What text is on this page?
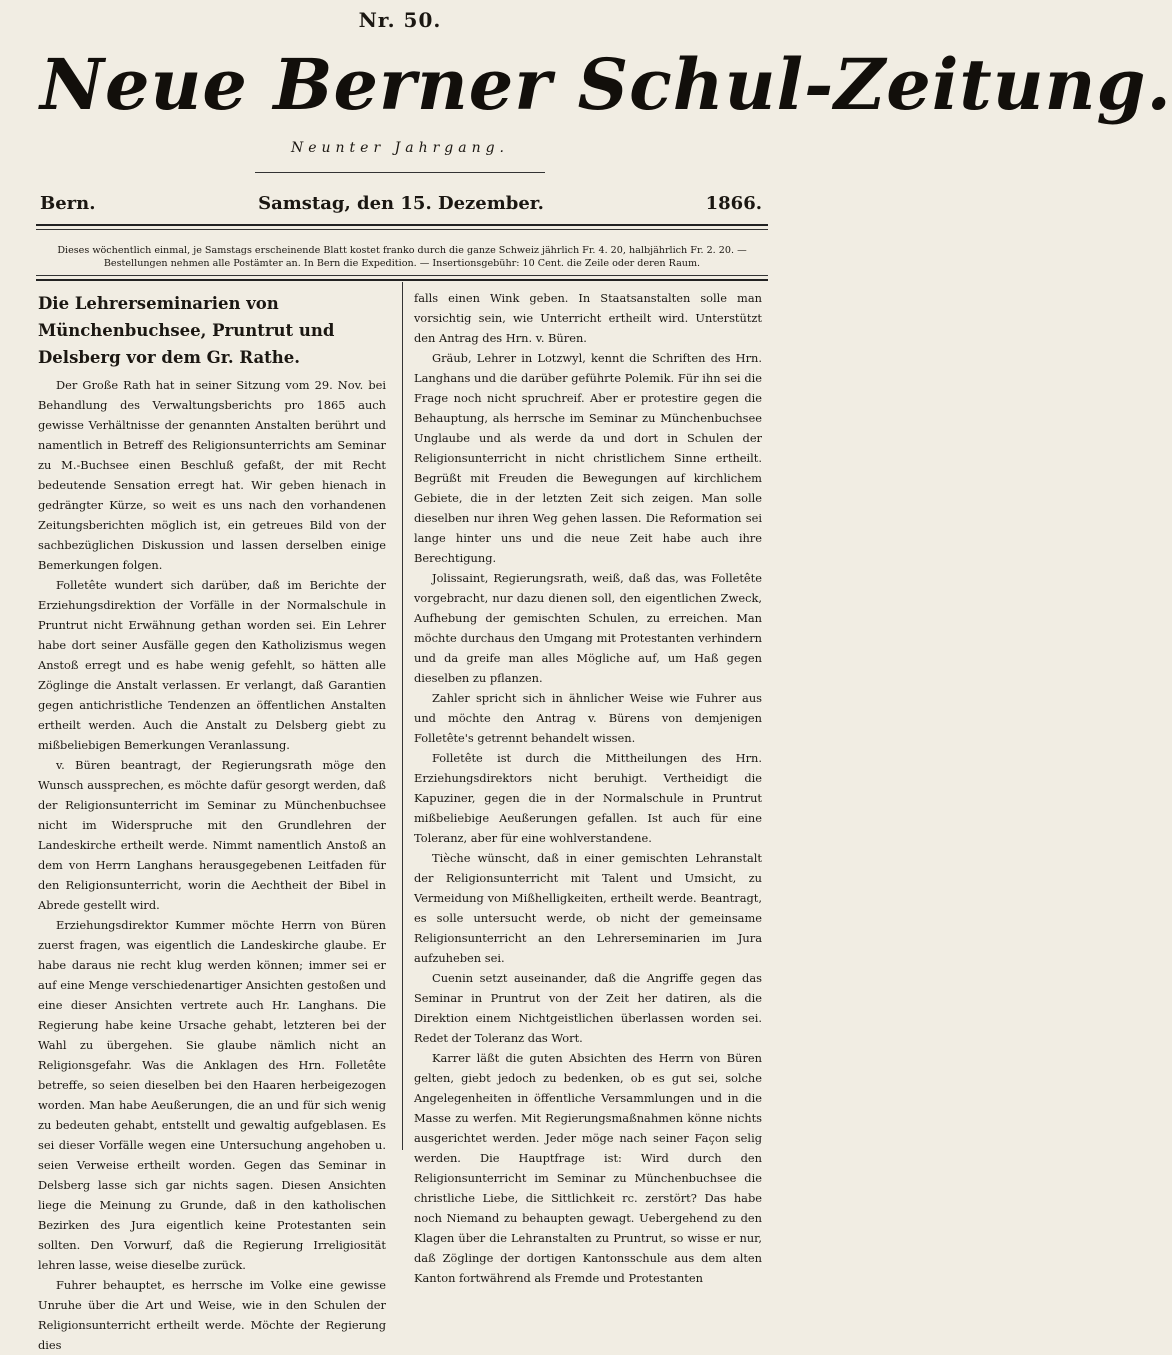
Nr. 50.
Neue Berner Schul-Zeitung.
Neunter Jahrgang.
Samstag, den 15. Dezember.
Bern.	1866.
Dieses wöchentlich einmal, je Samstags erscheinende Blatt kostet franko durch die ganze Schweiz jährlich Fr. 4. 20, halbjährlich Fr. 2. 20. —
Bestellungen nehmen alle Postämter an. In Bern die Expedition. — Insertionsgebühr: 10 Cent. die Zeile oder deren Raum.
Die Lehrerseminarien von Münchenbuchsee, Pruntrut und Delsberg vor dem Gr. Rathe.

Der Große Rath hat in seiner Sitzung vom 29. Nov. bei Behandlung des Verwaltungsberichts pro 1865 auch gewisse Verhältnisse der genannten Anstalten berührt und namentlich in Betreff des Religionsunterrichts am Seminar zu M.-Buchsee einen Beschluß gefaßt, der mit Recht bedeutende Sensation erregt hat. Wir geben hienach in gedrängter Kürze, so weit es uns nach den vorhandenen Zeitungsberichten möglich ist, ein getreues Bild von der sachbezüglichen Diskussion und lassen derselben einige Bemerkungen folgen.

Folletête wundert sich darüber, daß im Berichte der Erziehungsdirektion der Vorfälle in der Normalschule in Pruntrut nicht Erwähnung gethan worden sei. Ein Lehrer habe dort seiner Ausfälle gegen den Katholizismus wegen Anstoß erregt und es habe wenig gefehlt, so hätten alle Zöglinge die Anstalt verlassen. Er verlangt, daß Garantien gegen antichristliche Tendenzen an öffentlichen Anstalten ertheilt werden. Auch die Anstalt zu Delsberg giebt zu mißbeliebigen Bemerkungen Veranlassung.

v. Büren beantragt, der Regierungsrath möge den Wunsch aussprechen, es möchte dafür gesorgt werden, daß der Religionsunterricht im Seminar zu Münchenbuchsee nicht im Widerspruche mit den Grundlehren der Landeskirche ertheilt werde. Nimmt namentlich Anstoß an dem von Herrn Langhans herausgegebenen Leitfaden für den Religionsunterricht, worin die Aechtheit der Bibel in Abrede gestellt wird.

Erziehungsdirektor Kummer möchte Herrn von Büren zuerst fragen, was eigentlich die Landeskirche glaube. Er habe daraus nie recht klug werden können; immer sei er auf eine Menge verschiedenartiger Ansichten gestoßen und eine dieser Ansichten vertrete auch Hr. Langhans. Die Regierung habe keine Ursache gehabt, letzteren bei der Wahl zu übergehen. Sie glaube nämlich nicht an Religionsgefahr. Was die Anklagen des Hrn. Folletête betreffe, so seien dieselben bei den Haaren herbeigezogen worden. Man habe Aeußerungen, die an und für sich wenig zu bedeuten gehabt, entstellt und gewaltig aufgeblasen. Es sei dieser Vorfälle wegen eine Untersuchung angehoben u. seien Verweise ertheilt worden. Gegen das Seminar in Delsberg lasse sich gar nichts sagen. Diesen Ansichten liege die Meinung zu Grunde, daß in den katholischen Bezirken des Jura eigentlich keine Protestanten sein sollten. Den Vorwurf, daß die Regierung Irreligiosität lehren lasse, weise dieselbe zurück.

Fuhrer behauptet, es herrsche im Volke eine gewisse Unruhe über die Art und Weise, wie in den Schulen der Religionsunterricht ertheilt werde. Möchte der Regierung dies

falls einen Wink geben. In Staatsanstalten solle man vorsichtig sein, wie Unterricht ertheilt wird. Unterstützt den Antrag des Hrn. v. Büren.

Gräub, Lehrer in Lotzwyl, kennt die Schriften des Hrn. Langhans und die darüber geführte Polemik. Für ihn sei die Frage noch nicht spruchreif. Aber er protestire gegen die Behauptung, als herrsche im Seminar zu Münchenbuchsee Unglaube und als werde da und dort in Schulen der Religionsunterricht in nicht christlichem Sinne ertheilt. Begrüßt mit Freuden die Bewegungen auf kirchlichem Gebiete, die in der letzten Zeit sich zeigen. Man solle dieselben nur ihren Weg gehen lassen. Die Reformation sei lange hinter uns und die neue Zeit habe auch ihre Berechtigung.

Jolissaint, Regierungsrath, weiß, daß das, was Folletête vorgebracht, nur dazu dienen soll, den eigentlichen Zweck, Aufhebung der gemischten Schulen, zu erreichen. Man möchte durchaus den Umgang mit Protestanten verhindern und da greife man alles Mögliche auf, um Haß gegen dieselben zu pflanzen.

Zahler spricht sich in ähnlicher Weise wie Fuhrer aus und möchte den Antrag v. Bürens von demjenigen Folletête's getrennt behandelt wissen.

Folletête ist durch die Mittheilungen des Hrn. Erziehungsdirektors nicht beruhigt. Vertheidigt die Kapuziner, gegen die in der Normalschule in Pruntrut mißbeliebige Aeußerungen gefallen. Ist auch für eine Toleranz, aber für eine wohlverstandene.

Tièche wünscht, daß in einer gemischten Lehranstalt der Religionsunterricht mit Talent und Umsicht, zu Vermeidung von Mißhelligkeiten, ertheilt werde. Beantragt, es solle untersucht werde, ob nicht der gemeinsame Religionsunterricht an den Lehrerseminarien im Jura aufzuheben sei.

Cuenin setzt auseinander, daß die Angriffe gegen das Seminar in Pruntrut von der Zeit her datiren, als die Direktion einem Nichtgeistlichen überlassen worden sei. Redet der Toleranz das Wort.

Karrer läßt die guten Absichten des Herrn von Büren gelten, giebt jedoch zu bedenken, ob es gut sei, solche Angelegenheiten in öffentliche Versammlungen und in die Masse zu werfen. Mit Regierungsmaßnahmen könne nichts ausgerichtet werden. Jeder möge nach seiner Façon selig werden. Die Hauptfrage ist: Wird durch den Religionsunterricht im Seminar zu Münchenbuchsee die christliche Liebe, die Sittlichkeit rc. zerstört? Das habe noch Niemand zu behaupten gewagt. Uebergehend zu den Klagen über die Lehranstalten zu Pruntrut, so wisse er nur, daß Zöglinge der dortigen Kantonsschule aus dem alten Kanton fortwährend als Fremde und Protestanten
